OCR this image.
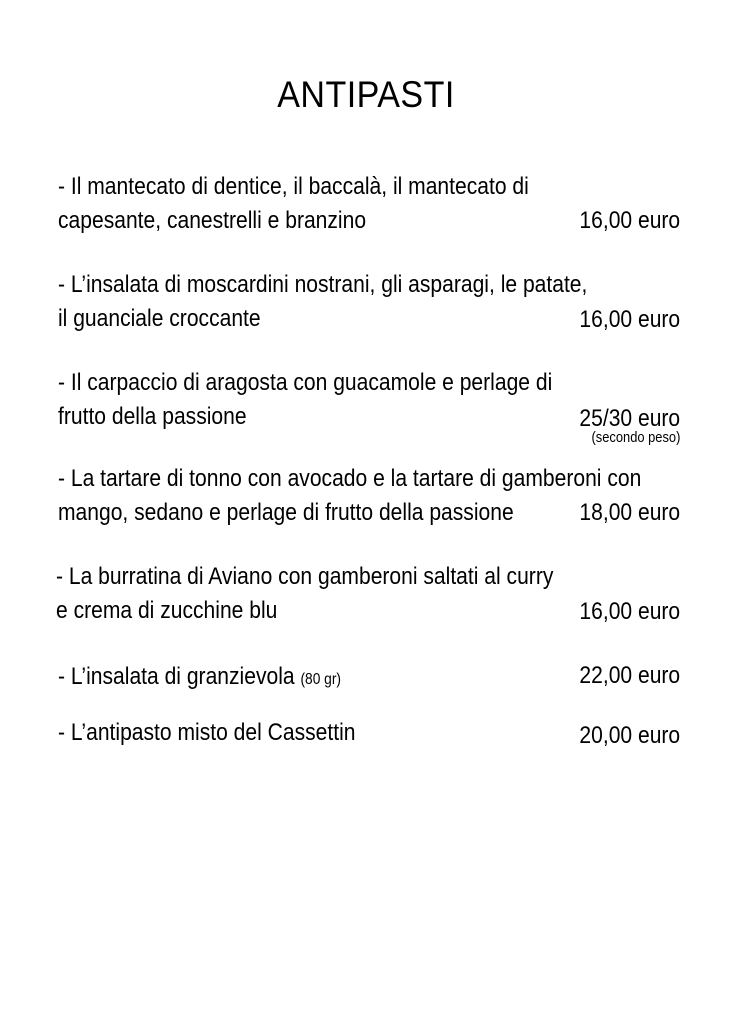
ANTIPASTI
- Il mantecato di dentice, il baccalà, il mantecato di
capesante, canestrelli e branzino	16,00 euro
- L’insalata di moscardini nostrani, gli asparagi, le patate,
il guanciale croccante	16,00 euro
- Il carpaccio di aragosta con guacamole e perlage di
frutto della passione	25/30 euro
(secondo peso)
- La tartare di tonno con avocado e la tartare di gamberoni con
mango, sedano e perlage di frutto della passione	18,00 euro
- La burratina di Aviano con gamberoni saltati al curry
e crema di zucchine blu	16,00 euro
- L’insalata di granzievola (80 gr)	22,00 euro
- L’antipasto misto del Cassettin	20,00 euro
